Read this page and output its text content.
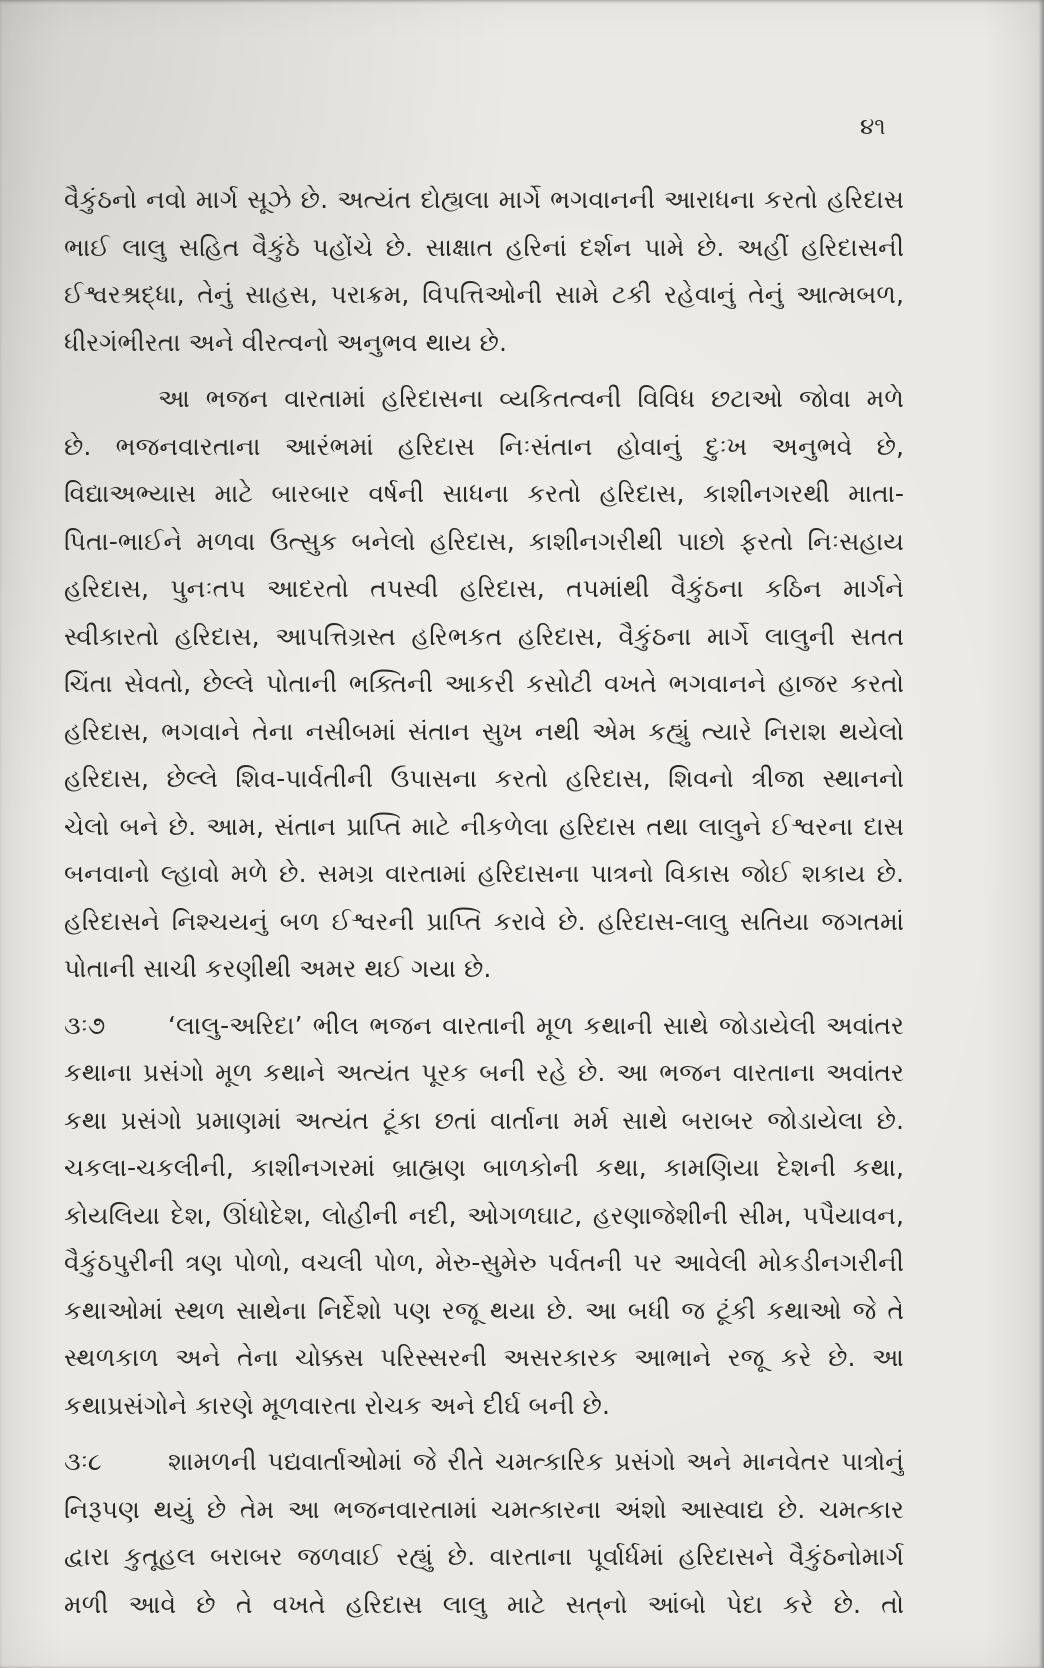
૪૧
વૈકુંઠનો નવો માર્ગ સૂઝે છે. અત્યંત દોહ્યલા માર્ગે ભગવાનની આરાધના કરતો હરિદાસ
ભાઈ લાલુ સહિત વૈકુંઠે પહોંચે છે. સાક્ષાત હરિનાં દર્શન પામે છે. અહીં હરિદાસની
ઈશ્વરશ્રદ્ધા, તેનું સાહસ, પરાક્રમ, વિપત્તિઓની સામે ટકી રહેવાનું તેનું આત્મબળ,
ધીરગંભીરતા અને વીરત્વનો અનુભવ થાય છે.
આ ભજન વારતામાં હરિદાસના વ્યકિતત્વની વિવિધ છટાઓ જોવા મળે
છે. ભજનવારતાના આરંભમાં હરિદાસ નિઃસંતાન હોવાનું દુઃખ અનુભવે છે,
વિદ્યાઅભ્યાસ માટે બારબાર વર્ષની સાધના કરતો હરિદાસ, કાશીનગરથી માતા-
પિતા-ભાઈને મળવા ઉત્સુક બનેલો હરિદાસ, કાશીનગરીથી પાછો ફરતો નિઃસહાય
હરિદાસ, પુનઃતપ આદરતો તપસ્વી હરિદાસ, તપમાંથી વૈકુંઠના કઠિન માર્ગને
સ્વીકારતો હરિદાસ, આપત્તિગ્રસ્ત હરિભકત હરિદાસ, વૈકુંઠના માર્ગે લાલુની સતત
ચિંતા સેવતો, છેલ્લે પોતાની ભક્તિની આકરી કસોટી વખતે ભગવાનને હાજર કરતો
હરિદાસ, ભગવાને તેના નસીબમાં સંતાન સુખ નથી એમ કહ્યું ત્યારે નિરાશ થયેલો
હરિદાસ, છેલ્લે શિવ-પાર્વતીની ઉપાસના કરતો હરિદાસ, શિવનો ત્રીજા સ્થાનનો
ચેલો બને છે. આમ, સંતાન પ્રાપ્તિ માટે નીકળેલા હરિદાસ તથા લાલુને ઈશ્વરના દાસ
બનવાનો લ્હાવો મળે છે. સમગ્ર વારતામાં હરિદાસના પાત્રનો વિકાસ જોઈ શકાય છે.
હરિદાસને નિશ્ચયનું બળ ઈશ્વરની પ્રાપ્તિ કરાવે છે. હરિદાસ-લાલુ સતિયા જગતમાં
પોતાની સાચી કરણીથી અમર થઈ ગયા છે.
૩ઃ૭	‘લાલુ-અરિદા’ ભીલ ભજન વારતાની મૂળ કથાની સાથે જોડાયેલી અવાંતર
કથાના પ્રસંગો મૂળ કથાને અત્યંત પૂરક બની રહે છે. આ ભજન વારતાના અવાંતર
કથા પ્રસંગો પ્રમાણમાં અત્યંત ટૂંકા છતાં વાર્તાના મર્મ સાથે બરાબર જોડાયેલા છે.
ચકલા-ચકલીની, કાશીનગરમાં બ્રાહ્મણ બાળકોની કથા, કામણિયા દેશની કથા,
કોયલિયા દેશ, ઊંધોદેશ, લોહીની નદી, ઓગળઘાટ, હરણાજેશીની સીમ, પપૈયાવન,
વૈકુંઠપુરીની ત્રણ પોળો, વચલી પોળ, મેરુ-સુમેરુ પર્વતની પર આવેલી મોકડીનગરીની
કથાઓમાં સ્થળ સાથેના નિર્દેશો પણ રજૂ થયા છે. આ બધી જ ટૂંકી કથાઓ જે તે
સ્થળકાળ અને તેના ચોક્કસ પરિસ્સરની અસરકારક આભાને રજૂ કરે છે. આ
કથાપ્રસંગોને કારણે મૂળવારતા રોચક અને દીર્ઘ બની છે.
૩ઃ૮	શામળની પદ્યવાર્તાઓમાં જે રીતે ચમત્કારિક પ્રસંગો અને માનવેતર પાત્રોનું
નિરૂપણ થયું છે તેમ આ ભજનવારતામાં ચમત્કારના અંશો આસ્વાદ્ય છે. ચમત્કાર
દ્વારા કુતૂહલ બરાબર જળવાઈ રહ્યું છે. વારતાના પૂર્વાર્ધમાં હરિદાસને વૈકુંઠનોમાર્ગ
મળી આવે છે તે વખતે હરિદાસ લાલુ માટે સત્‌નો આંબો પેદા કરે છે. તો
